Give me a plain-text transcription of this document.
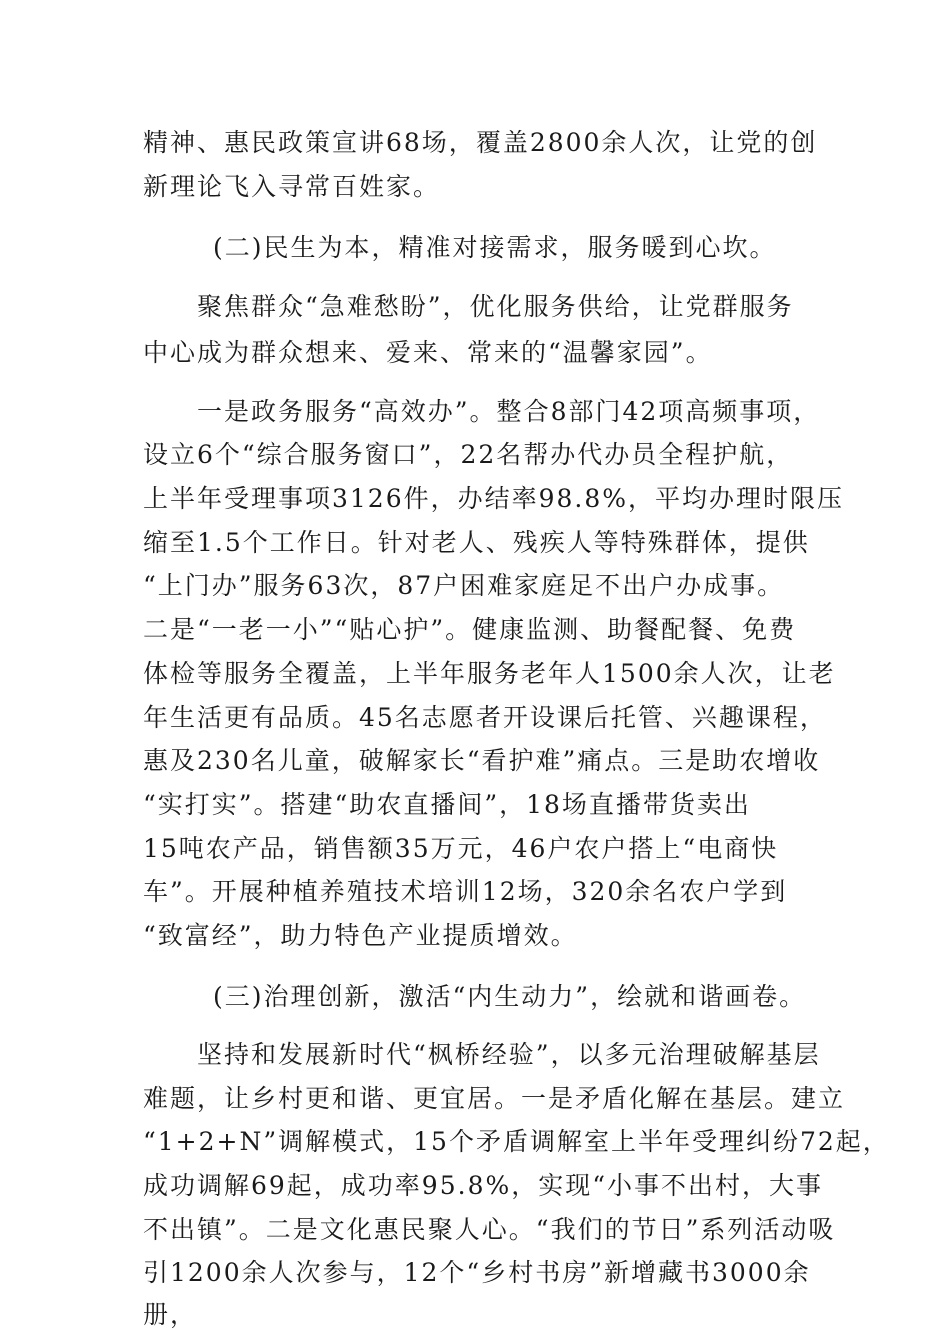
精神、惠民政策宣讲68场，覆盖2800余人次，让党的创
新理论飞入寻常百姓家。
(二)民生为本，精准对接需求，服务暖到心坎。
聚焦群众“急难愁盼”，优化服务供给，让党群服务
中心成为群众想来、爱来、常来的“温馨家园”。
一是政务服务“高效办”。整合8部门42项高频事项，
设立6个“综合服务窗口”，22名帮办代办员全程护航，
上半年受理事项3126件，办结率98.8%，平均办理时限压
缩至1.5个工作日。针对老人、残疾人等特殊群体，提供
“上门办”服务63次，87户困难家庭足不出户办成事。
二是“一老一小”“贴心护”。健康监测、助餐配餐、免费
体检等服务全覆盖，上半年服务老年人1500余人次，让老
年生活更有品质。45名志愿者开设课后托管、兴趣课程，
惠及230名儿童，破解家长“看护难”痛点。三是助农增收
“实打实”。搭建“助农直播间”，18场直播带货卖出
15吨农产品，销售额35万元，46户农户搭上“电商快
车”。开展种植养殖技术培训12场，320余名农户学到
“致富经”，助力特色产业提质增效。
(三)治理创新，激活“内生动力”，绘就和谐画卷。
坚持和发展新时代“枫桥经验”，以多元治理破解基层
难题，让乡村更和谐、更宜居。一是矛盾化解在基层。建立
“1+2+N”调解模式，15个矛盾调解室上半年受理纠纷72起，
成功调解69起，成功率95.8%，实现“小事不出村，大事
不出镇”。二是文化惠民聚人心。“我们的节日”系列活动吸
引1200余人次参与，12个“乡村书房”新增藏书3000余
册，
